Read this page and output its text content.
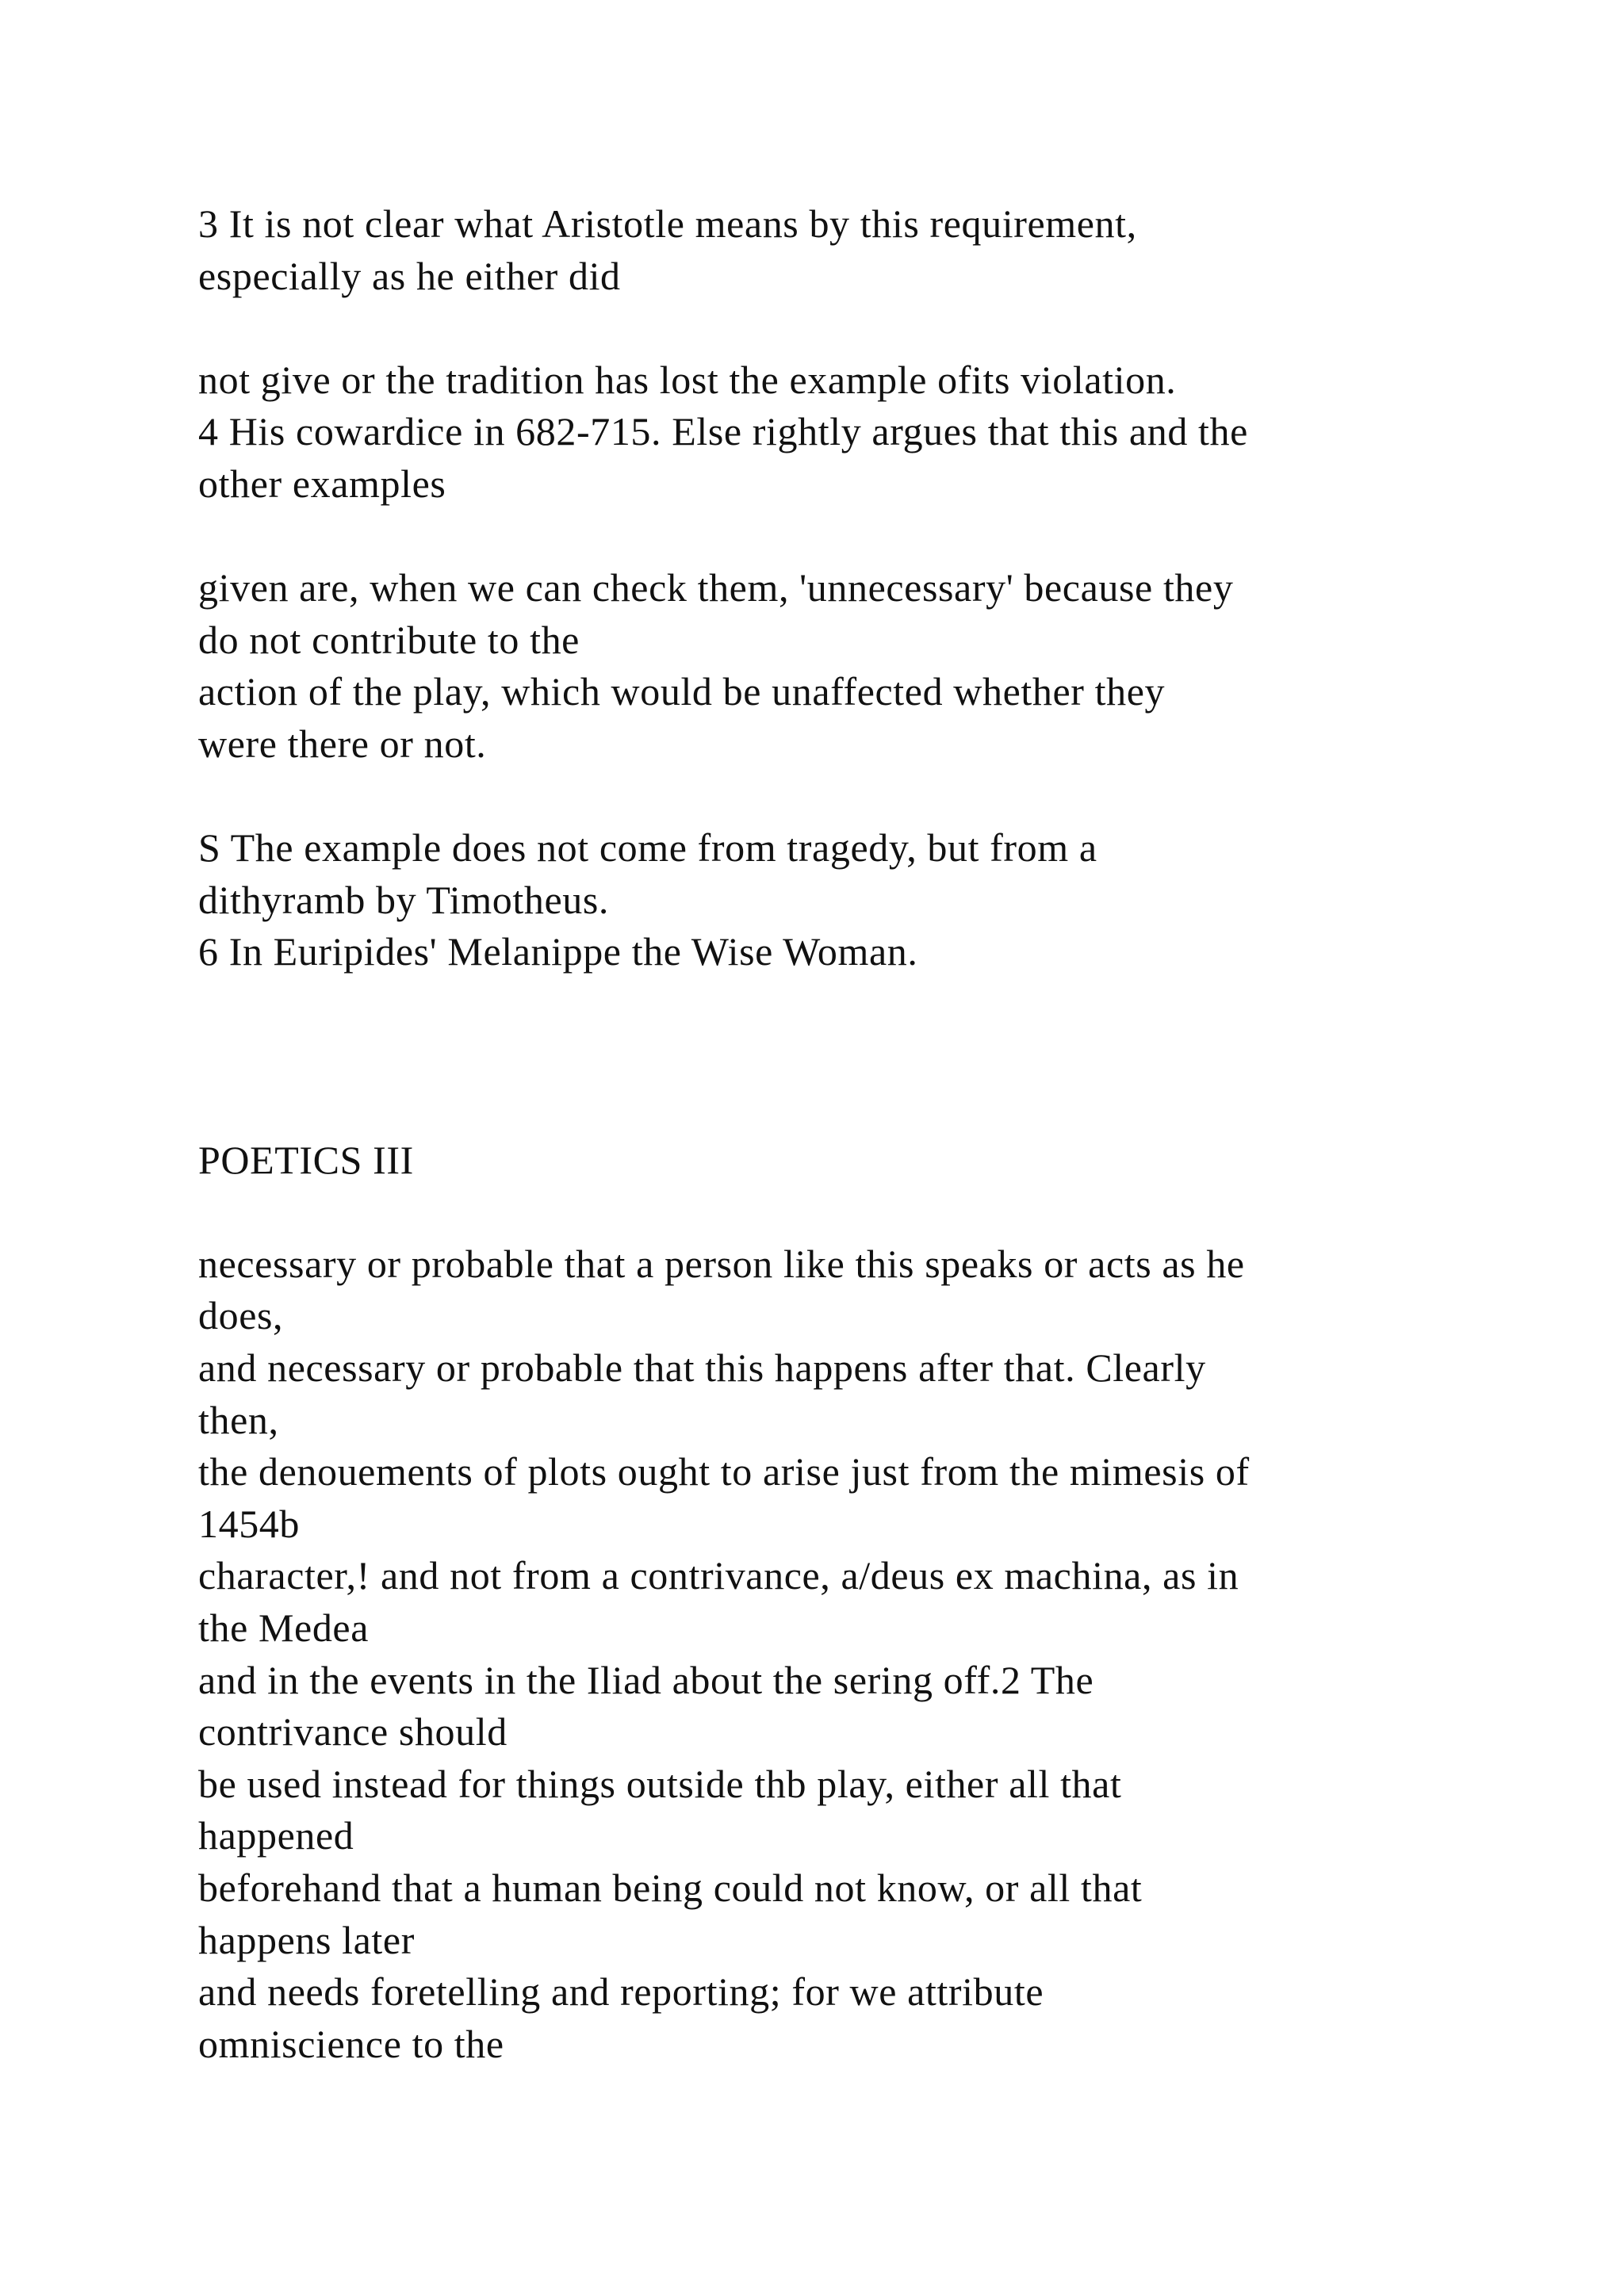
3 It is not clear what Aristotle means by this requirement,
especially as he either did
not give or the tradition has lost the example ofits violation.
4 His cowardice in 682-715. Else rightly argues that this and the
other examples
given are, when we can check them, 'unnecessary' because they
do not contribute to the
action of the play, which would be unaffected whether they
were there or not.
S The example does not come from tragedy, but from a
dithyramb by Timotheus.
6 In Euripides' Melanippe the Wise Woman.
POETICS III
necessary or probable that a person like this speaks or acts as he
does,
and necessary or probable that this happens after that. Clearly
then,
the denouements of plots ought to arise just from the mimesis of
1454b
character,! and not from a contrivance, a/deus ex machina, as in
the Medea
and in the events in the Iliad about the sering off.2 The
contrivance should
be used instead for things outside thb play, either all that
happened
beforehand that a human being could not know, or all that
happens later
and needs foretelling and reporting; for we attribute
omniscience to the
